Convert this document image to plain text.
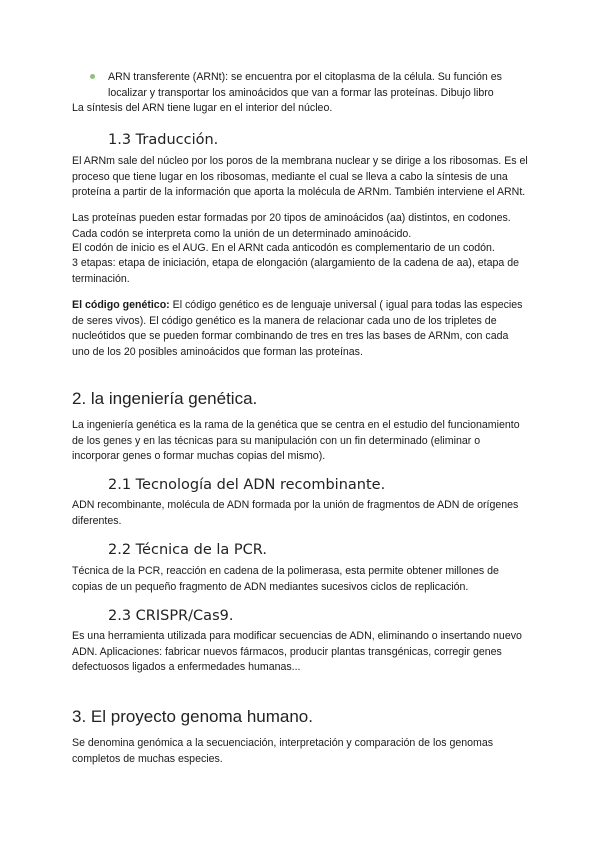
ARN transferente (ARNt): se encuentra por el citoplasma de la célula. Su función es localizar y transportar los aminoácidos que van a formar las proteínas. Dibujo libro

La síntesis del ARN tiene lugar en el interior del núcleo.

1.3 Traducción.

El ARNm sale del núcleo por los poros de la membrana nuclear y se dirige a los ribosomas. Es el proceso que tiene lugar en los ribosomas, mediante el cual se lleva a cabo la síntesis de una proteína a partir de la información que aporta la molécula de ARNm. También interviene el ARNt.

Las proteínas pueden estar formadas por 20 tipos de aminoácidos (aa) distintos, en codones. Cada codón se interpreta como la unión de un determinado aminoácido.

El codón de inicio es el AUG. En el ARNt cada anticodón es complementario de un codón.

3 etapas: etapa de iniciación, etapa de elongación (alargamiento de la cadena de aa), etapa de terminación.

El código genético: El código genético es de lenguaje universal ( igual para todas las especies de seres vivos). El código genético es la manera de relacionar cada uno de los tripletes de nucleótidos que se pueden formar combinando de tres en tres las bases de ARNm, con cada uno de los 20 posibles aminoácidos que forman las proteínas.

2. la ingeniería genética.

La ingeniería genética es la rama de la genética que se centra en el estudio del funcionamiento de los genes y en las técnicas para su manipulación con un fin determinado (eliminar o incorporar genes o formar muchas copias del mismo).

2.1 Tecnología del ADN recombinante.

ADN recombinante, molécula de ADN formada por la unión de fragmentos de ADN de orígenes diferentes.

2.2 Técnica de la PCR.

Técnica de la PCR, reacción en cadena de la polimerasa, esta permite obtener millones de copias de un pequeño fragmento de ADN mediantes sucesivos ciclos de replicación.

2.3 CRISPR/Cas9.

Es una herramienta utilizada para modificar secuencias de ADN, eliminando o insertando nuevo ADN. Aplicaciones: fabricar nuevos fármacos, producir plantas transgénicas, corregir genes defectuosos ligados a enfermedades humanas...

3. El proyecto genoma humano.

Se denomina genómica a la secuenciación, interpretación y comparación de los genomas completos de muchas especies.
